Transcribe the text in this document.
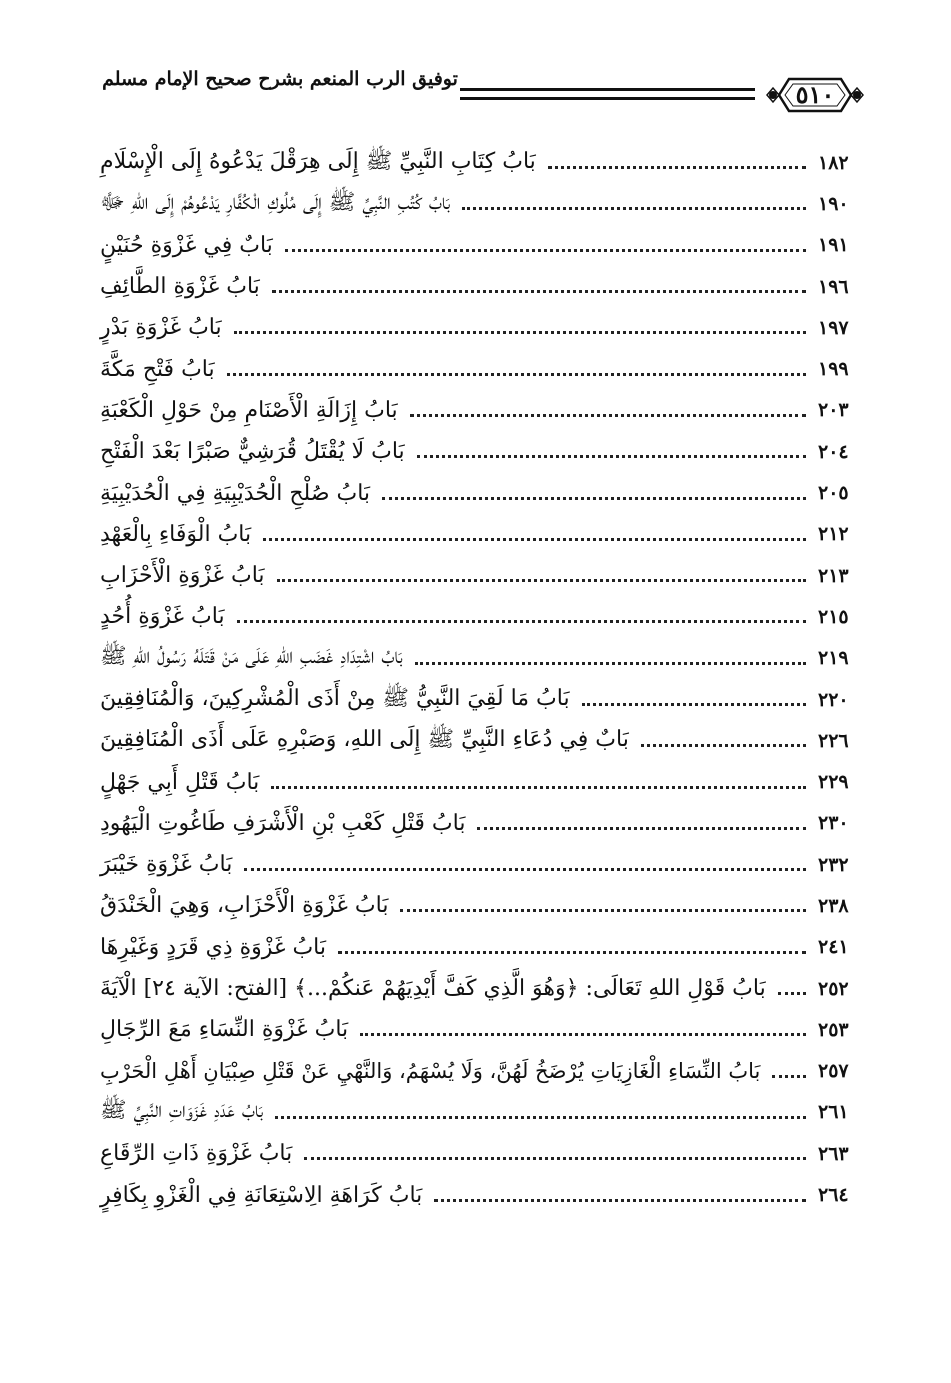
توفيق الرب المنعم بشرح صحيح الإمام مسلم
٥١٠
بَابُ كِتَابِ النَّبِيِّ ﷺ إِلَى هِرَقْلَ يَدْعُوهُ إِلَى الْإِسْلَامِ	١٨٢
بَابُ كُتُبِ النَّبِيِّ ﷺ إِلَى مُلُوكِ الْكُفَّارِ يَدْعُوهُمْ إِلَى اللهِ ﷻ	١٩٠
بَابٌ فِي غَزْوَةِ حُنَيْنٍ	١٩١
بَابُ غَزْوَةِ الطَّائِفِ	١٩٦
بَابُ غَزْوَةِ بَدْرٍ	١٩٧
بَابُ فَتْحِ مَكَّةَ	١٩٩
بَابُ إِزَالَةِ الْأَصْنَامِ مِنْ حَوْلِ الْكَعْبَةِ	٢٠٣
بَابُ لَا يُقْتَلُ قُرَشِيٌّ صَبْرًا بَعْدَ الْفَتْحِ	٢٠٤
بَابُ صُلْحِ الْحُدَيْبِيَةِ فِي الْحُدَيْبِيَةِ	٢٠٥
بَابُ الْوَفَاءِ بِالْعَهْدِ	٢١٢
بَابُ غَزْوَةِ الْأَحْزَابِ	٢١٣
بَابُ غَزْوَةِ أُحُدٍ	٢١٥
بَابُ اشْتِدَادِ غَضَبِ اللهِ عَلَى مَنْ قَتَلَهُ رَسُولُ اللهِ ﷺ	٢١٩
بَابُ مَا لَقِيَ النَّبِيُّ ﷺ مِنْ أَذَى الْمُشْرِكِينَ، وَالْمُنَافِقِينَ	٢٢٠
بَابٌ فِي دُعَاءِ النَّبِيِّ ﷺ إِلَى اللهِ، وَصَبْرِهِ عَلَى أَذَى الْمُنَافِقِينَ	٢٢٦
بَابُ قَتْلِ أَبِي جَهْلٍ	٢٢٩
بَابُ قَتْلِ كَعْبِ بْنِ الْأَشْرَفِ طَاغُوتِ الْيَهُودِ	٢٣٠
بَابُ غَزْوَةِ خَيْبَرَ	٢٣٢
بَابُ غَزْوَةِ الْأَحْزَابِ، وَهِيَ الْخَنْدَقُ	٢٣٨
بَابُ غَزْوَةِ ذِي قَرَدٍ وَغَيْرِهَا	٢٤١
بَابُ قَوْلِ اللهِ تَعَالَى: ﴿وَهُوَ الَّذِي كَفَّ أَيْدِيَهُمْ عَنكُمْ...﴾ [الفتح: الآية ٢٤] الْآيَةَ	٢٥٢
بَابُ غَزْوَةِ النِّسَاءِ مَعَ الرِّجَالِ	٢٥٣
بَابُ النِّسَاءِ الْغَازِيَاتِ يُرْضَخُ لَهُنَّ، وَلَا يُسْهَمُ، وَالنَّهْيِ عَنْ قَتْلِ صِبْيَانِ أَهْلِ الْحَرْبِ	٢٥٧
بَابُ عَدَدِ غَزَوَاتِ النَّبِيِّ ﷺ	٢٦١
بَابُ غَزْوَةِ ذَاتِ الرِّقَاعِ	٢٦٣
بَابُ كَرَاهَةِ الِاسْتِعَانَةِ فِي الْغَزْوِ بِكَافِرٍ	٢٦٤
